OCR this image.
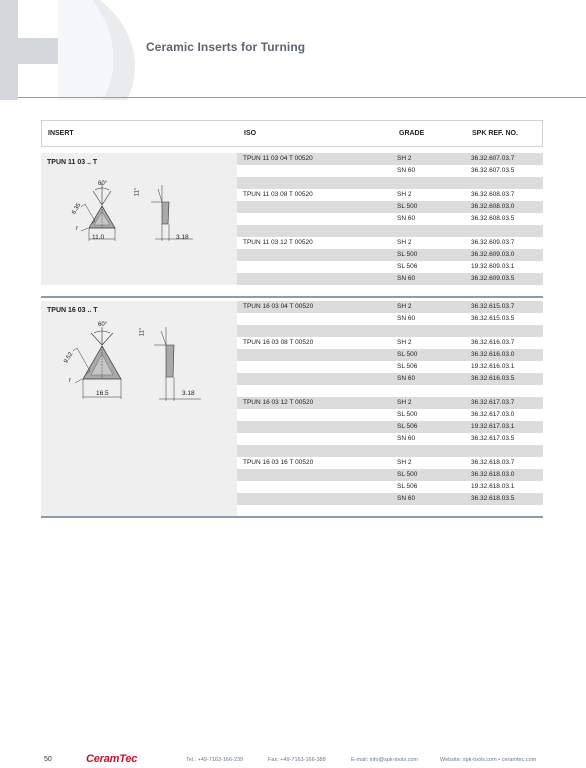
Ceramic Inserts for Turning
INSERT	ISO	GRADE	SPK REF. NO.
TPUN 11 03 .. T
60°
11°
6.35
r
11.0	3.18
TPUN 11 03 04 T 00520	SH 2	36.32.607.03.7
SN 60	36.32.607.03.5
TPUN 11 03 08 T 00520	SH 2	36.32.608.03.7
SL 500	36.32.608.03.0
SN 60	36.32.608.03.5
TPUN 11 03 12 T 00520	SH 2	36.32.609.03.7
SL 500	36.32.609.03.0
SL 506	19.32.609.03.1
SN 60	36.32.609.03.5
TPUN 16 03 .. T
60°
11°
9.52
r
16.5	3.18
TPUN 16 03 04 T 00520	SH 2	36.32.615.03.7
SN 60	36.32.615.03.5
TPUN 16 03 08 T 00520	SH 2	36.32.616.03.7
SL 500	36.32.616.03.0
SL 506	19.32.616.03.1
SN 60	36.32.616.03.5
TPUN 16 03 12 T 00520	SH 2	36.32.617.03.7
SL 500	36.32.617.03.0
SL 506	19.32.617.03.1
SN 60	36.32.617.03.5
TPUN 16 03 16 T 00520	SH 2	36.32.618.03.7
SL 500	36.32.618.03.0
SL 506	19.32.618.03.1
SN 60	36.32.618.03.5
50	CeramTec	Tel.: +49-7163-166-239	Fax: +49-7163-166-388	E-mail: info@spk-tools.com	Website: spk-tools.com • ceramtec.com
